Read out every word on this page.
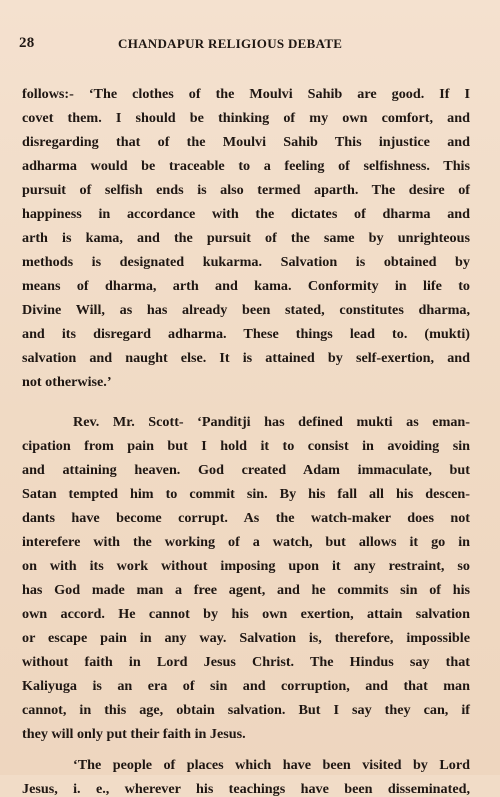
28	CHANDAPUR RELIGIOUS DEBATE
follows:- ‘The clothes of the Moulvi Sahib are good. If I
covet them. I should be thinking of my own comfort, and
disregarding that of the Moulvi Sahib This injustice and
adharma would be traceable to a feeling of selfishness. This
pursuit of selfish ends is also termed aparth. The desire of
happiness in accordance with the dictates of dharma and
arth is kama, and the pursuit of the same by unrighteous
methods is designated kukarma. Salvation is obtained by
means of dharma, arth and kama. Conformity in life to
Divine Will, as has already been stated, constitutes dharma,
and its disregard adharma. These things lead to. (mukti)
salvation and naught else. It is attained by self-exertion, and
not otherwise.’
Rev. Mr. Scott- ‘Panditji has defined mukti as eman-
cipation from pain but I hold it to consist in avoiding sin
and attaining heaven. God created Adam immaculate, but
Satan tempted him to commit sin. By his fall all his descen-
dants have become corrupt. As the watch-maker does not
interefere with the working of a watch, but allows it go in
on with its work without imposing upon it any restraint, so
has God made man a free agent, and he commits sin of his
own accord. He cannot by his own exertion, attain salvation
or escape pain in any way. Salvation is, therefore, impossible
without faith in Lord Jesus Christ. The Hindus say that
Kaliyuga is an era of sin and corruption, and that man
cannot, in this age, obtain salvation. But I say they can, if
they will only put their faith in Jesus.
‘The people of places which have been visited by Lord
Jesus, i. e., wherever his teachings have been disseminated,
